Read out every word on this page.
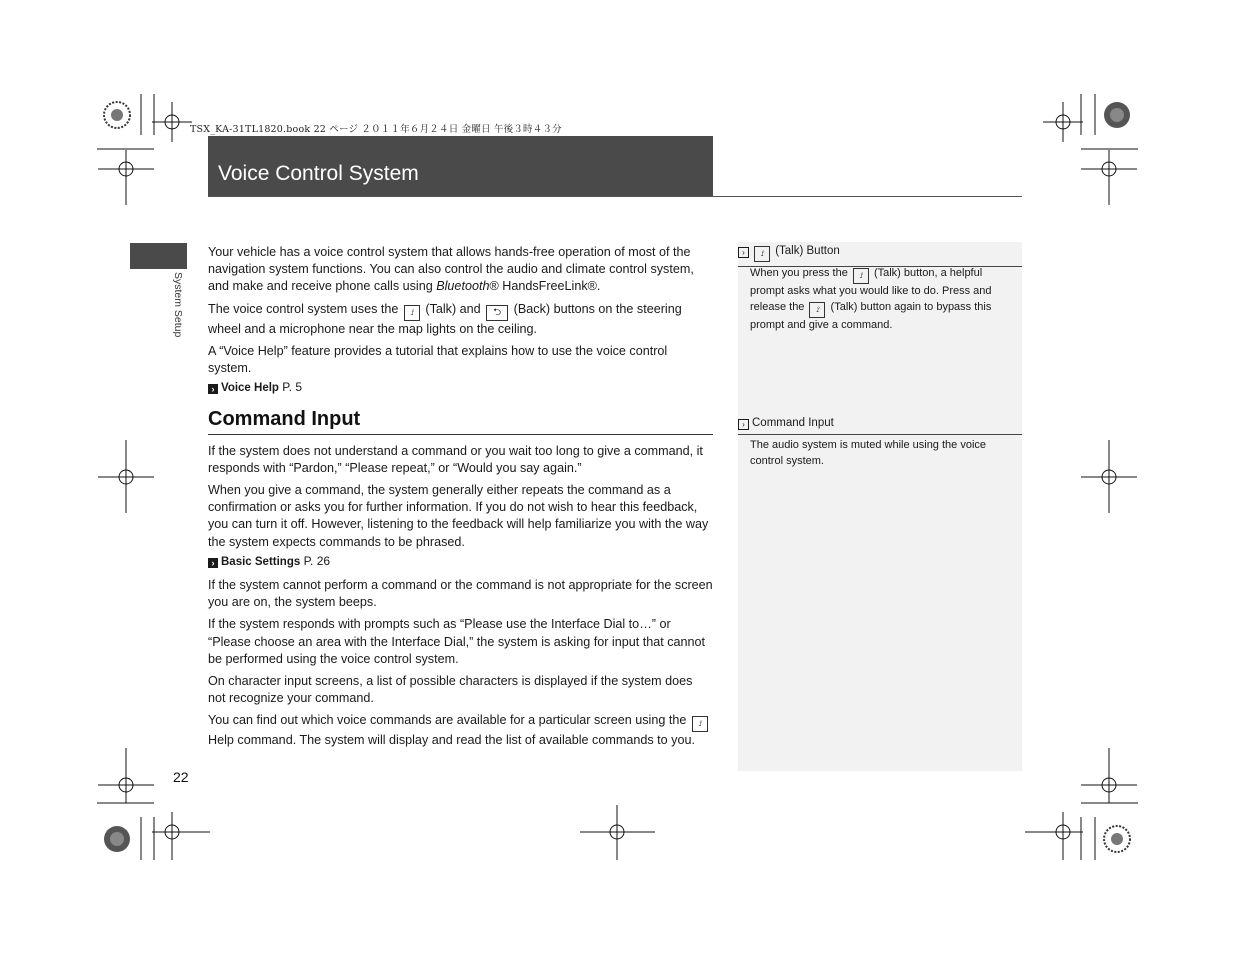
TSX_KA-31TL1820.book 22 ページ ２０１１年６月２４日 金曜日 午後３時４３分
Voice Control System
System Setup
22

Your vehicle has a voice control system that allows hands-free operation of most of the navigation system functions. You can also control the audio and climate control system, and make and receive phone calls using Bluetooth® HandsFreeLink®.

The voice control system uses the ⟟ (Talk) and ⮌ (Back) buttons on the steering wheel and a microphone near the map lights on the ceiling.

A “Voice Help” feature provides a tutorial that explains how to use the voice control system.

› Voice Help P. 5
Command Input

If the system does not understand a command or you wait too long to give a command, it responds with “Pardon,” “Please repeat,” or “Would you say again.”

When you give a command, the system generally either repeats the command as a confirmation or asks you for further information. If you do not wish to hear this feedback, you can turn it off. However, listening to the feedback will help familiarize you with the way the system expects commands to be phrased.

› Basic Settings P. 26

If the system cannot perform a command or the command is not appropriate for the screen you are on, the system beeps.

If the system responds with prompts such as “Please use the Interface Dial to…” or “Please choose an area with the Interface Dial,” the system is asking for input that cannot be performed using the voice control system.

On character input screens, a list of possible characters is displayed if the system does not recognize your command.

You can find out which voice commands are available for a particular screen using the ⟟ Help command. The system will display and read the list of available commands to you.

› ⟟ (Talk) Button
When you press the ⟟ (Talk) button, a helpful prompt asks what you would like to do. Press and release the ⟟ (Talk) button again to bypass this prompt and give a command.
› Command Input
The audio system is muted while using the voice control system.
